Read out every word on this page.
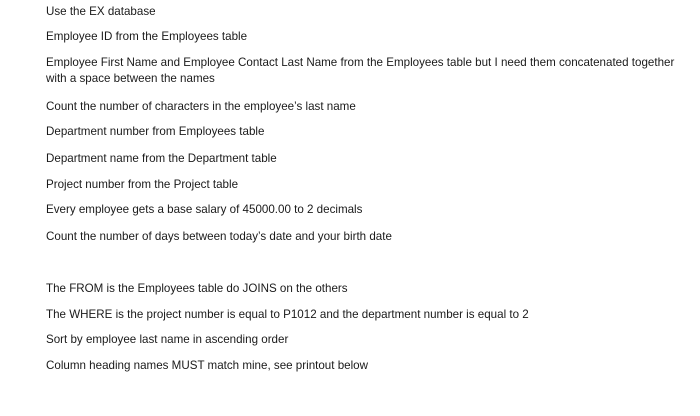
Use the EX database

Employee ID from the Employees table

Employee First Name and Employee Contact Last Name from the Employees table but I need them concatenated together with a space between the names

Count the number of characters in the employee’s last name

Department number from Employees table

Department name from the Department table

Project number from the Project table

Every employee gets a base salary of 45000.00 to 2 decimals

Count the number of days between today’s date and your birth date

The FROM is the Employees table do JOINS on the others

The WHERE is the project number is equal to P1012 and the department number is equal to 2

Sort by employee last name in ascending order

Column heading names MUST match mine, see printout below
